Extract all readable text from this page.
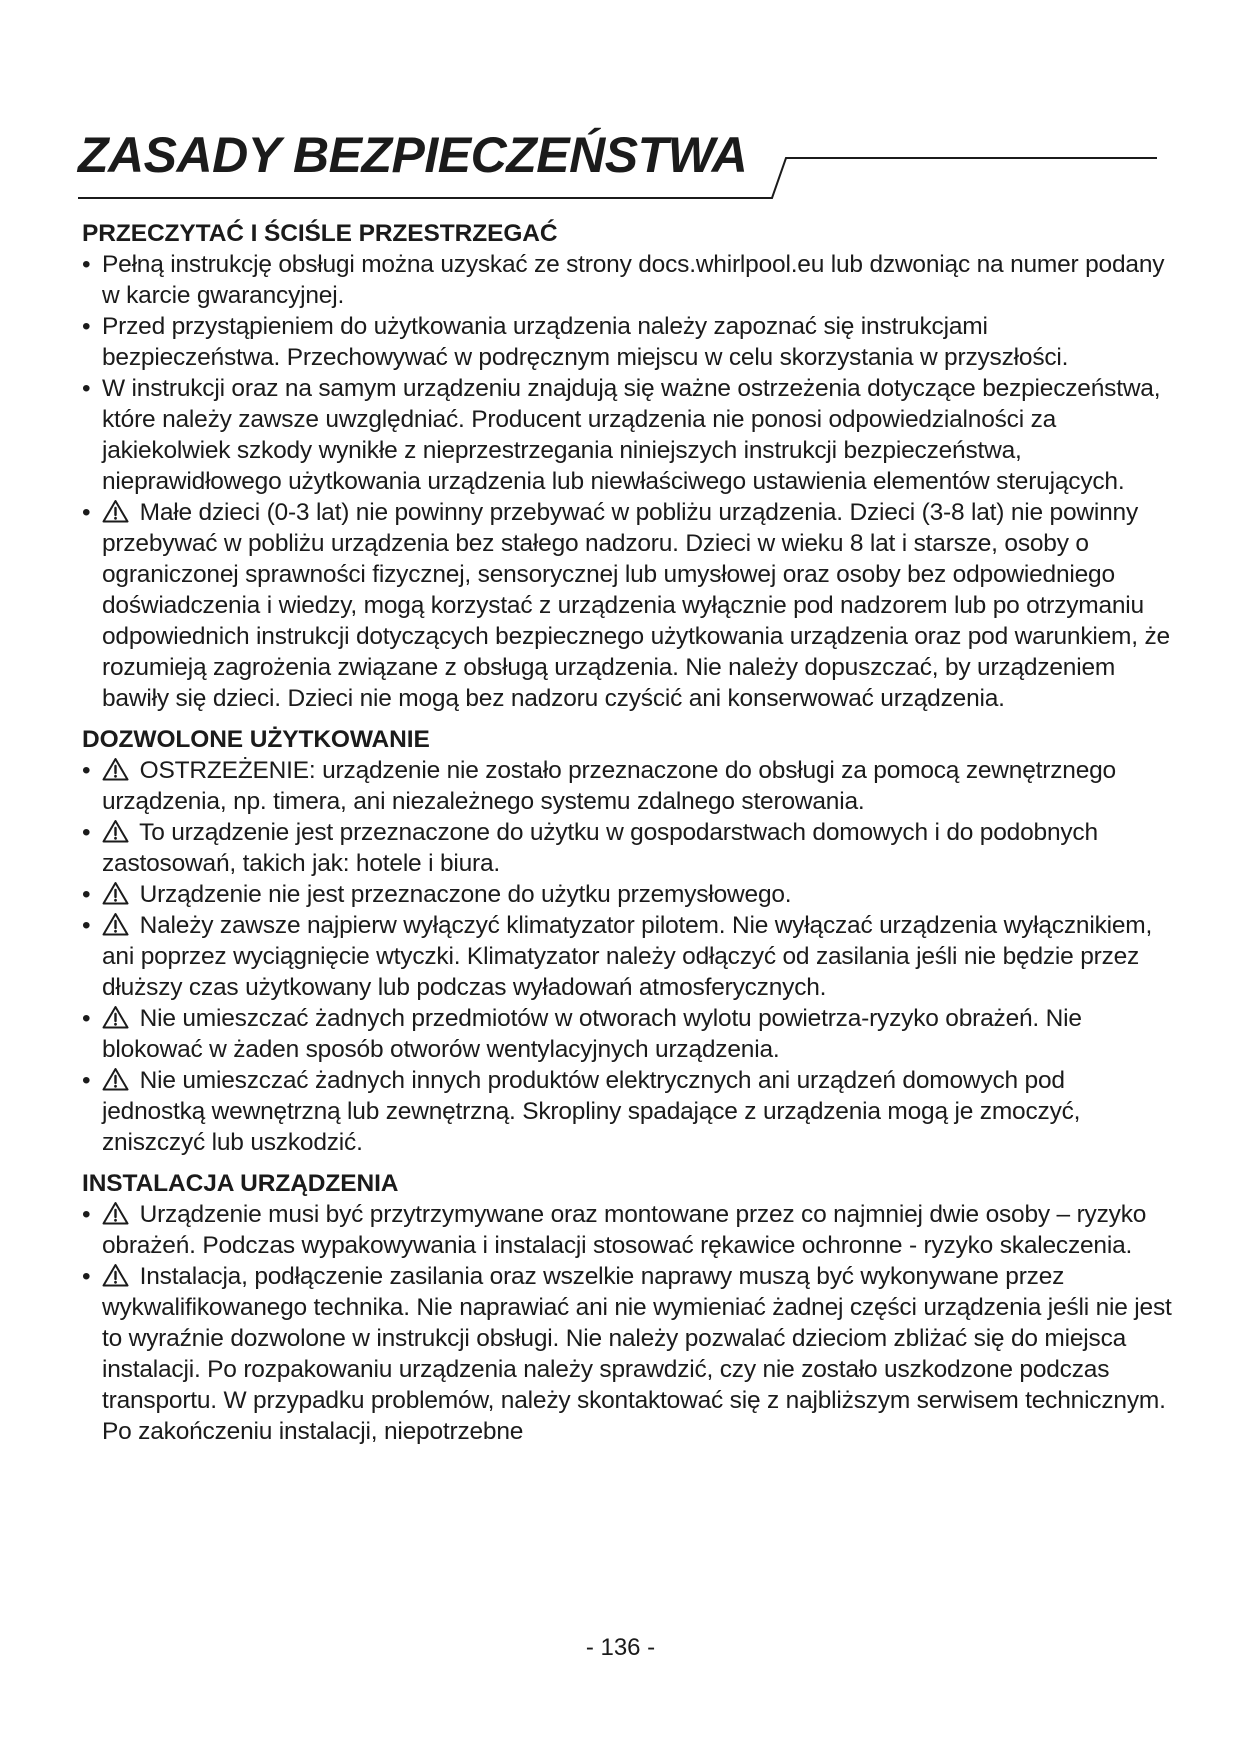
ZASADY BEZPIECZEŃSTWA
PRZECZYTAĆ I ŚCIŚLE PRZESTRZEGAĆ
• Pełną instrukcję obsługi można uzyskać ze strony docs.whirlpool.eu lub dzwoniąc na numer podany w karcie gwarancyjnej.
• Przed przystąpieniem do użytkowania urządzenia należy zapoznać się instrukcjami bezpieczeństwa. Przechowywać w podręcznym miejscu w celu skorzystania w przyszłości.
• W instrukcji oraz na samym urządzeniu znajdują się ważne ostrzeżenia dotyczące bezpieczeństwa, które należy zawsze uwzględniać. Producent urządzenia nie ponosi odpowiedzialności za jakiekolwiek szkody wynikłe z nieprzestrzegania niniejszych instrukcji bezpieczeństwa, nieprawidłowego użytkowania urządzenia lub niewłaściwego ustawienia elementów sterujących.
• Małe dzieci (0-3 lat) nie powinny przebywać w pobliżu urządzenia. Dzieci (3-8 lat) nie powinny przebywać w pobliżu urządzenia bez stałego nadzoru. Dzieci w wieku 8 lat i starsze, osoby o ograniczonej sprawności fizycznej, sensorycznej lub umysłowej oraz osoby bez odpowiedniego doświadczenia i wiedzy, mogą korzystać z urządzenia wyłącznie pod nadzorem lub po otrzymaniu odpowiednich instrukcji dotyczących bezpiecznego użytkowania urządzenia oraz pod warunkiem, że rozumieją zagrożenia związane z obsługą urządzenia. Nie należy dopuszczać, by urządzeniem bawiły się dzieci. Dzieci nie mogą bez nadzoru czyścić ani konserwować urządzenia.
DOZWOLONE UŻYTKOWANIE
• OSTRZEŻENIE: urządzenie nie zostało przeznaczone do obsługi za pomocą zewnętrznego urządzenia, np. timera, ani niezależnego systemu zdalnego sterowania.
• To urządzenie jest przeznaczone do użytku w gospodarstwach domowych i do podobnych zastosowań, takich jak: hotele i biura.
• Urządzenie nie jest przeznaczone do użytku przemysłowego.
• Należy zawsze najpierw wyłączyć klimatyzator pilotem. Nie wyłączać urządzenia wyłącznikiem, ani poprzez wyciągnięcie wtyczki. Klimatyzator należy odłączyć od zasilania jeśli nie będzie przez dłuższy czas użytkowany lub podczas wyładowań atmosferycznych.
• Nie umieszczać żadnych przedmiotów w otworach wylotu powietrza-ryzyko obrażeń. Nie blokować w żaden sposób otworów wentylacyjnych urządzenia.
• Nie umieszczać żadnych innych produktów elektrycznych ani urządzeń domowych pod jednostką wewnętrzną lub zewnętrzną. Skropliny spadające z urządzenia mogą je zmoczyć, zniszczyć lub uszkodzić.
INSTALACJA URZĄDZENIA
• Urządzenie musi być przytrzymywane oraz montowane przez co najmniej dwie osoby – ryzyko obrażeń. Podczas wypakowywania i instalacji stosować rękawice ochronne - ryzyko skaleczenia.
• Instalacja, podłączenie zasilania oraz wszelkie naprawy muszą być wykonywane przez wykwalifikowanego technika. Nie naprawiać ani nie wymieniać żadnej części urządzenia jeśli nie jest to wyraźnie dozwolone w instrukcji obsługi. Nie należy pozwalać dzieciom zbliżać się do miejsca instalacji. Po rozpakowaniu urządzenia należy sprawdzić, czy nie zostało uszkodzone podczas transportu. W przypadku problemów, należy skontaktować się z najbliższym serwisem technicznym. Po zakończeniu instalacji, niepotrzebne
- 136 -
